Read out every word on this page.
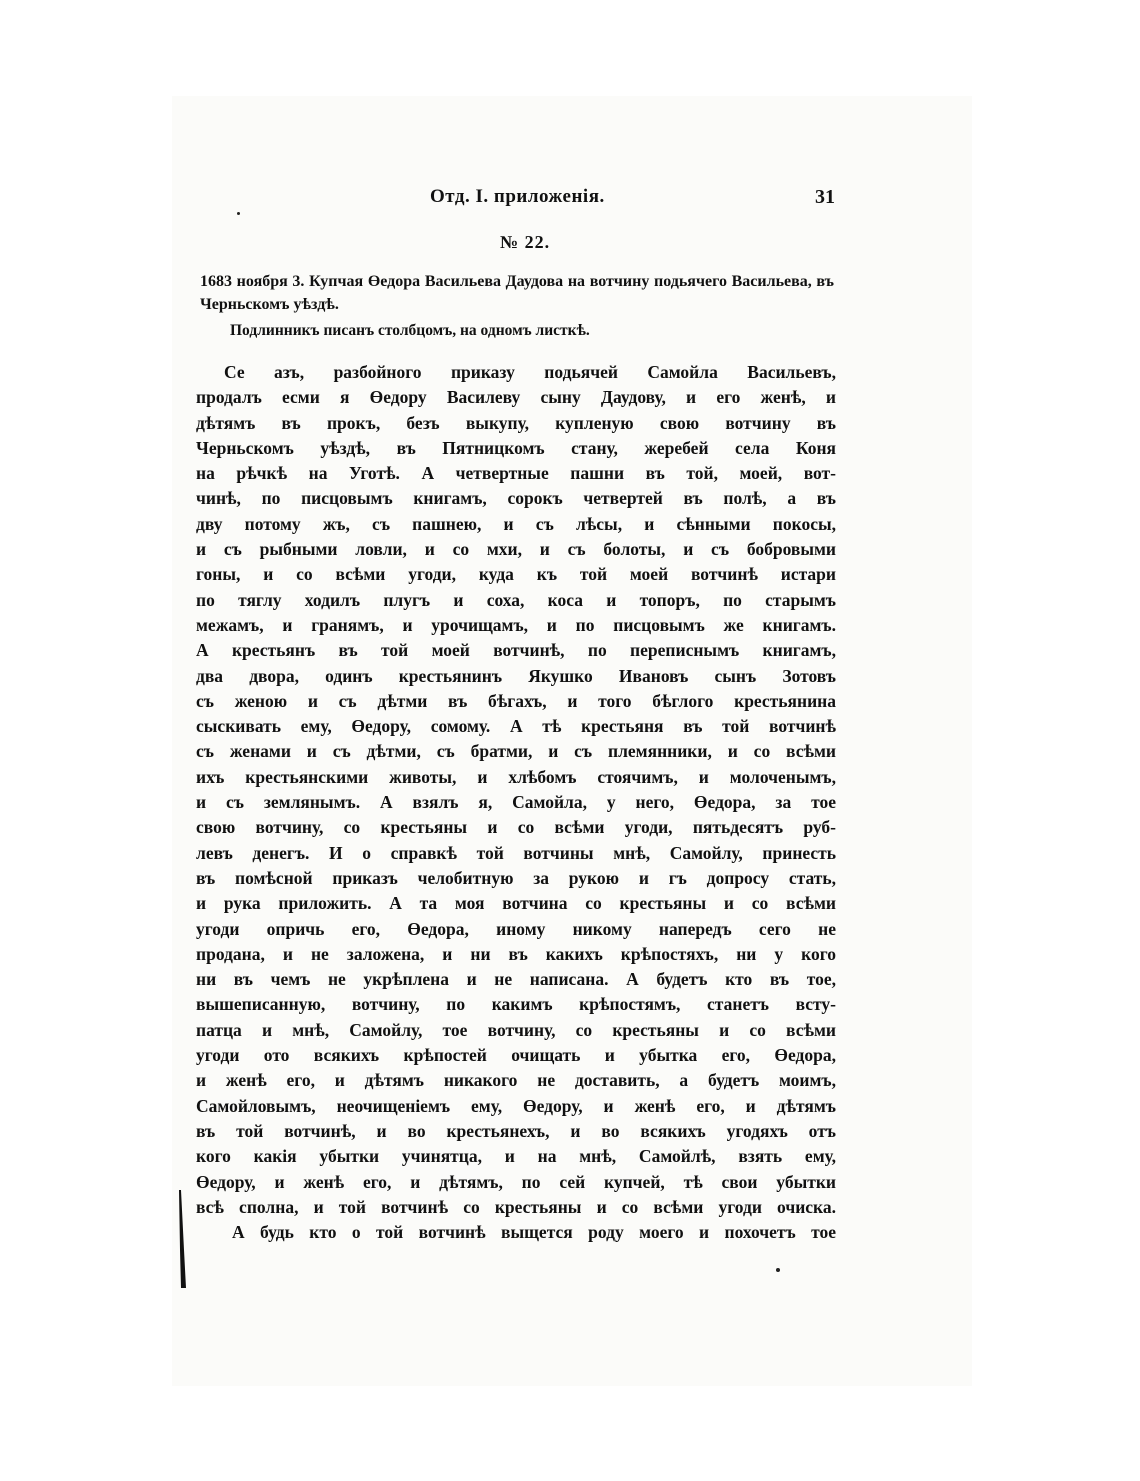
Отд. I. приложенія.	31
№ 22.
1683 ноября 3. Купчая Өедора Васильева Даудова на вотчину подьячего Васильева, въ Черньскомъ уѣздѣ.
Подлинникъ писанъ столбцомъ, на одномъ листкѣ.
Се азъ, разбойного приказу подьячей Самойла Васильевъ,
продалъ есми я Өедору Василеву сыну Даудову, и его женѣ, и
дѣтямъ въ прокъ, безъ выкупу, купленую свою вотчину въ
Черньскомъ уѣздѣ, въ Пятницкомъ стану, жеребей села Коня
на рѣчкѣ на Уготѣ. А четвертные пашни въ той, моей, вот-
чинѣ, по писцовымъ книгамъ, сорокъ четвертей въ полѣ, а въ
дву потому жъ, съ пашнею, и съ лѣсы, и сѣнными покосы,
и съ рыбными ловли, и со мхи, и съ болоты, и съ бобровыми
гоны, и со всѣми угоди, куда къ той моей вотчинѣ истари
по тяглу ходилъ плугъ и соха, коса и топоръ, по старымъ
межамъ, и гранямъ, и урочищамъ, и по писцовымъ же книгамъ.
А крестьянъ въ той моей вотчинѣ, по переписнымъ книгамъ,
два двора, одинъ крестьянинъ Якушко Ивановъ сынъ Зотовъ
съ женою и съ дѣтми въ бѣгахъ, и того бѣглого крестьянина
сыскивать ему, Өедору, сомому. А тѣ крестьяня въ той вотчинѣ
съ женами и съ дѣтми, съ братми, и съ племянники, и со всѣми
ихъ крестьянскими животы, и хлѣбомъ стоячимъ, и молоченымъ,
и съ землянымъ. А взялъ я, Самойла, у него, Өедора, за тое
свою вотчину, со крестьяны и со всѣми угоди, пятьдесятъ руб-
левъ денегъ. И о справкѣ той вотчины мнѣ, Самойлу, принесть
въ помѣсной приказъ челобитную за рукою и гъ допросу стать,
и рука приложить. А та моя вотчина со крестьяны и со всѣми
угоди опричь его, Өедора, иному никому напередъ сего не
продана, и не заложена, и ни въ какихъ крѣпостяхъ, ни у кого
ни въ чемъ не укрѣплена и не написана. А будетъ кто въ тое,
вышеписанную, вотчину, по какимъ крѣпостямъ, станетъ всту-
патца и мнѣ, Самойлу, тое вотчину, со крестьяны и со всѣми
угоди ото всякихъ крѣпостей очищать и убытка его, Өедора,
и женѣ его, и дѣтямъ никакого не доставить, а будетъ моимъ,
Самойловымъ, неочищеніемъ ему, Өедору, и женѣ его, и дѣтямъ
въ той вотчинѣ, и во крестьянехъ, и во всякихъ угодяхъ отъ
кого какія убытки учинятца, и на мнѣ, Самойлѣ, взять ему,
Өедору, и женѣ его, и дѣтямъ, по сей купчей, тѣ свои убытки
всѣ сполна, и той вотчинѣ со крестьяны и со всѣми угоди очиска.
А будь кто о той вотчинѣ выщется роду моего и похочетъ тое
